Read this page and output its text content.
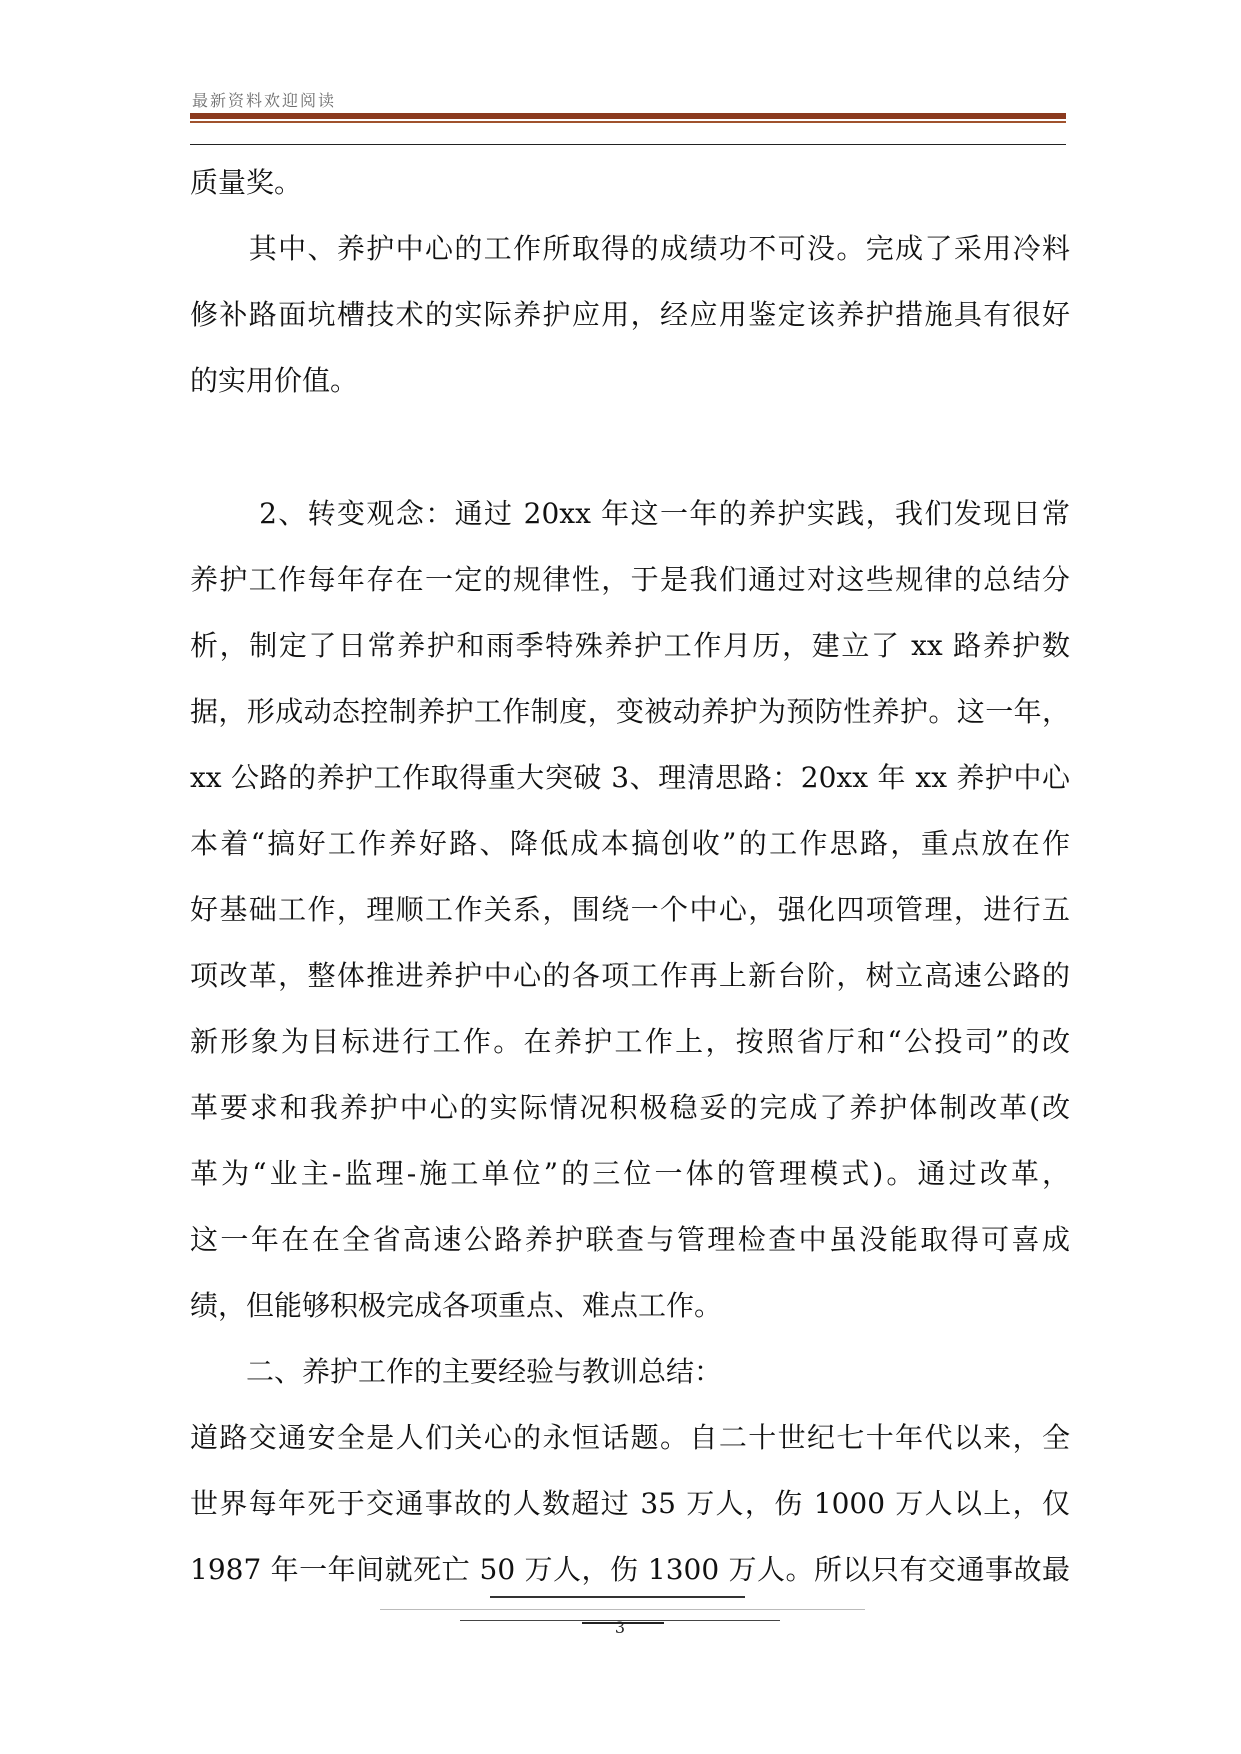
最新资料欢迎阅读
质量奖。
　　其中、养护中心的工作所取得的成绩功不可没。完成了采用冷料
修补路面坑槽技术的实际养护应用，经应用鉴定该养护措施具有很好
的实用价值。
　　 2、转变观念：通过 20xx 年这一年的养护实践，我们发现日常
养护工作每年存在一定的规律性，于是我们通过对这些规律的总结分
析，制定了日常养护和雨季特殊养护工作月历，建立了 xx 路养护数
据，形成动态控制养护工作制度，变被动养护为预防性养护。这一年，
xx 公路的养护工作取得重大突破 3、理清思路：20xx 年 xx 养护中心
本着“搞好工作养好路、降低成本搞创收”的工作思路，重点放在作
好基础工作，理顺工作关系，围绕一个中心，强化四项管理，进行五
项改革，整体推进养护中心的各项工作再上新台阶，树立高速公路的
新形象为目标进行工作。在养护工作上，按照省厅和“公投司”的改
革要求和我养护中心的实际情况积极稳妥的完成了养护体制改革(改
革为“业主-监理-施工单位”的三位一体的管理模式)。通过改革，
这一年在在全省高速公路养护联查与管理检查中虽没能取得可喜成
绩，但能够积极完成各项重点、难点工作。
　　二、养护工作的主要经验与教训总结：
道路交通安全是人们关心的永恒话题。自二十世纪七十年代以来，全
世界每年死于交通事故的人数超过 35 万人，伤 1000 万人以上，仅
1987 年一年间就死亡 50 万人，伤 1300 万人。所以只有交通事故最
3
